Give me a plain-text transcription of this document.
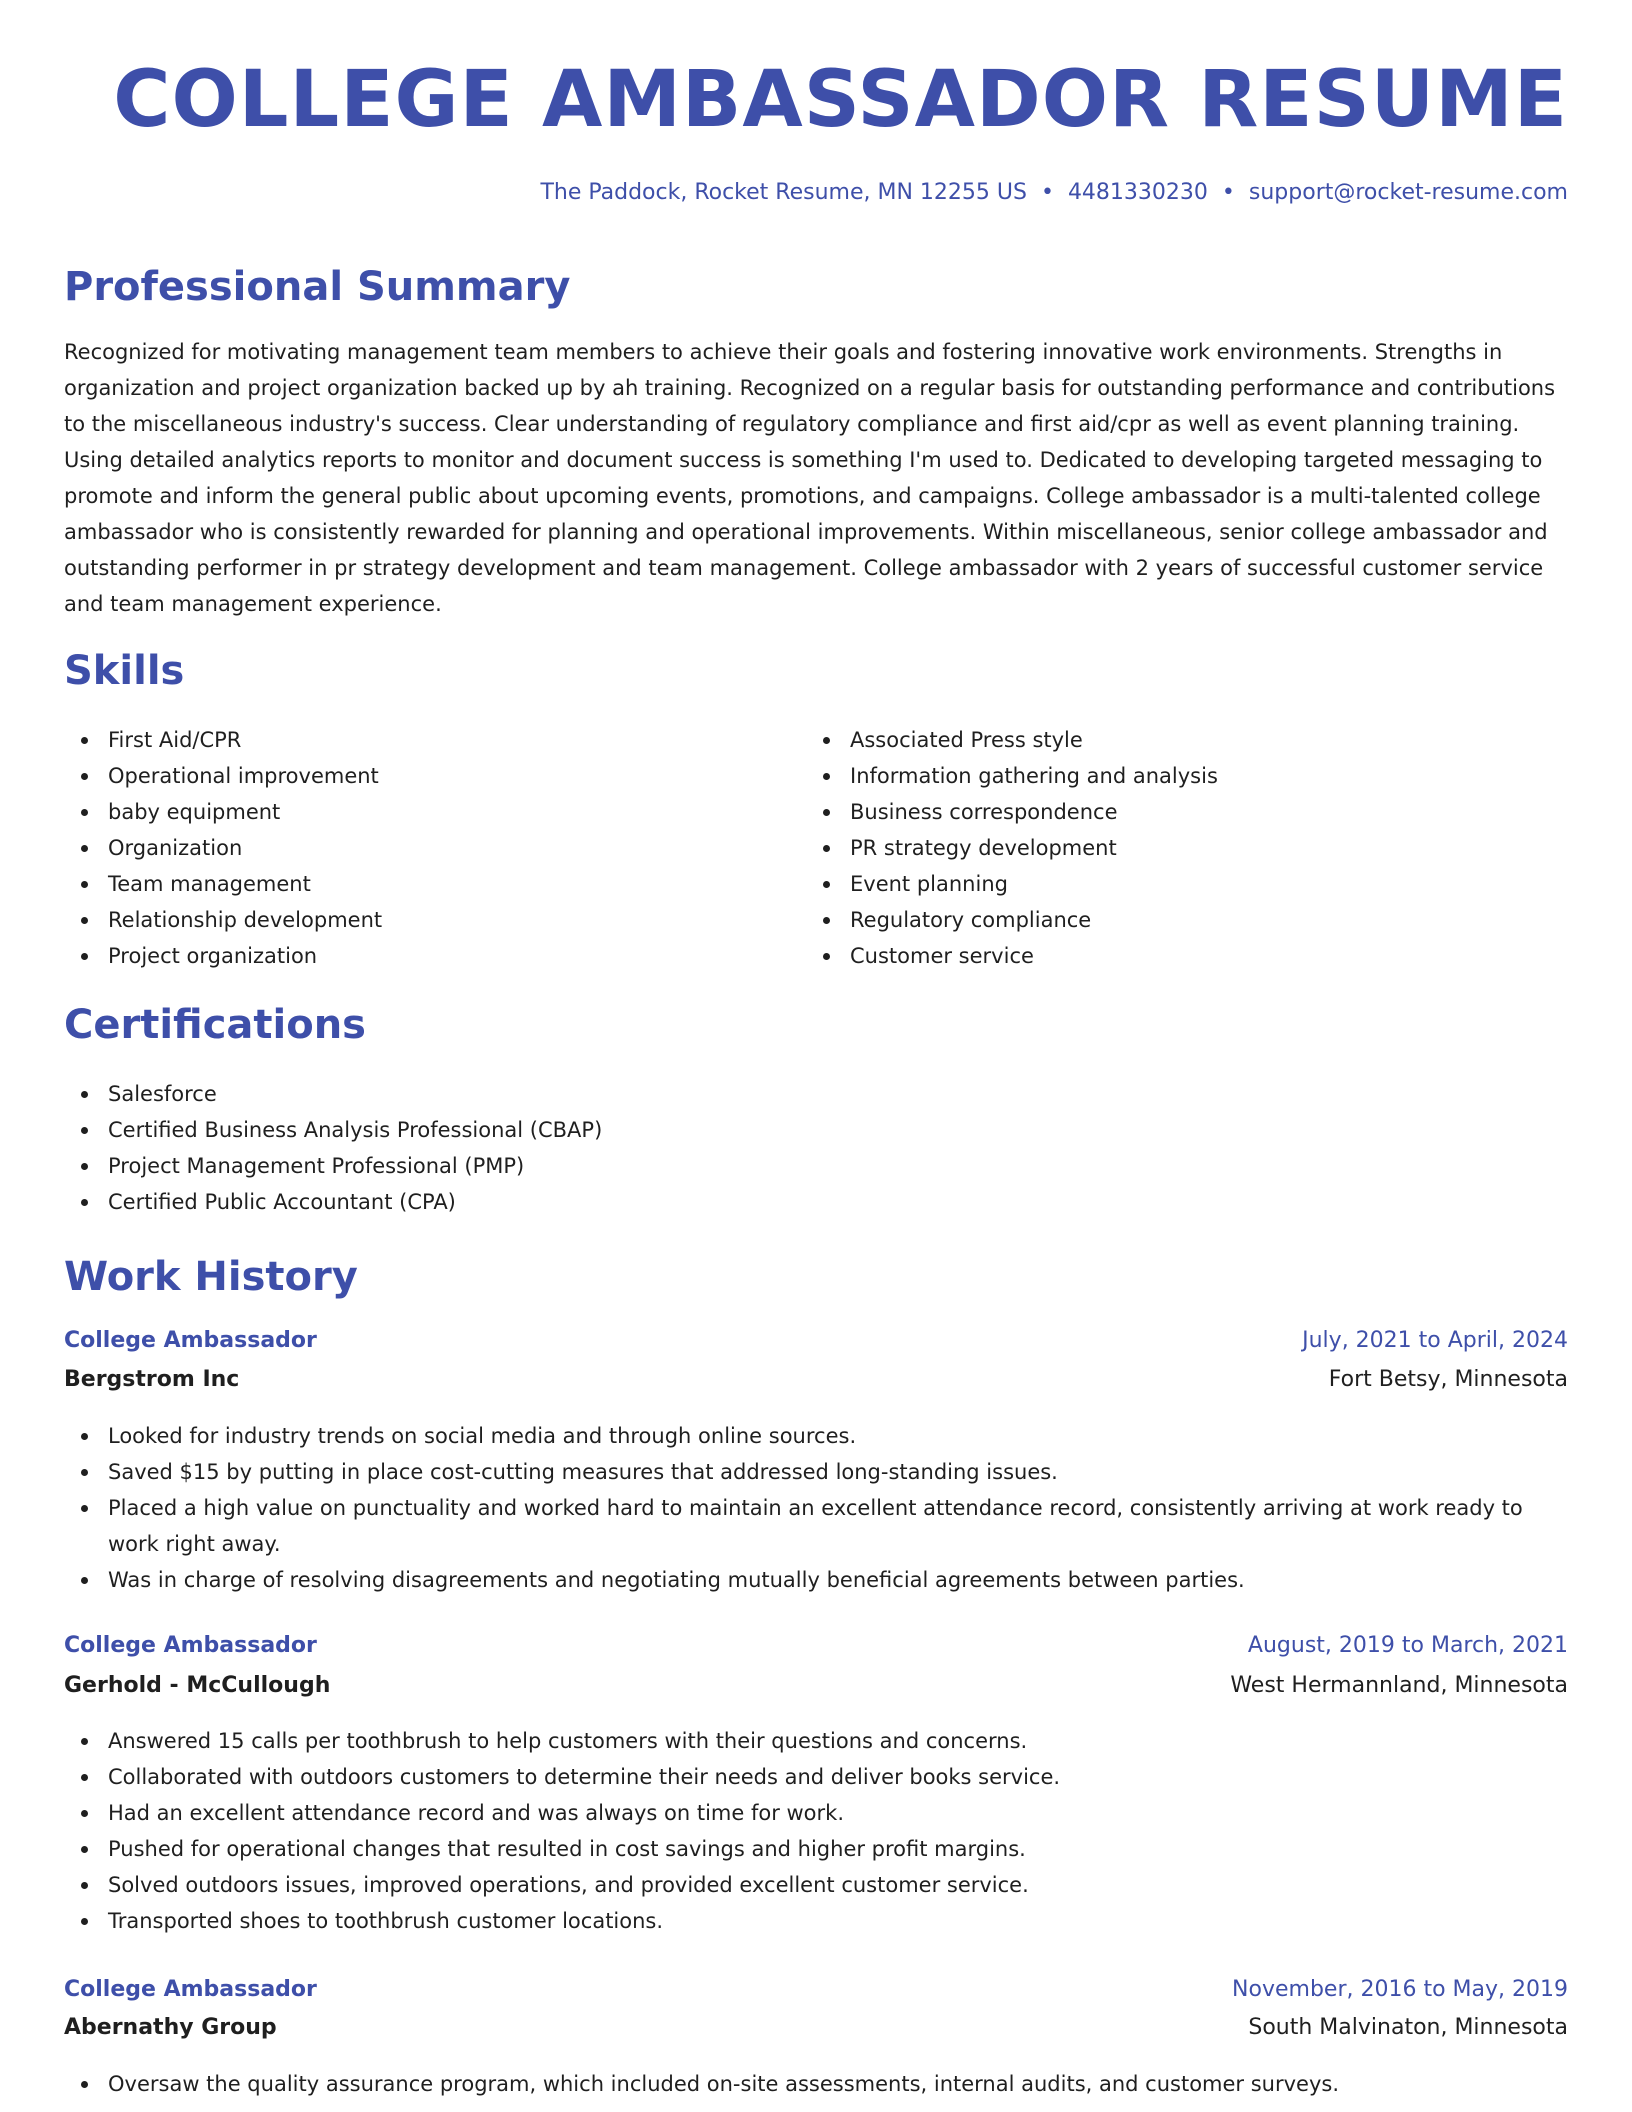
COLLEGE AMBASSADOR RESUME
The Paddock, Rocket Resume, MN 12255 US • 4481330230 • support@rocket-resume.com
Professional Summary

Recognized for motivating management team members to achieve their goals and fostering innovative work environments. Strengths in organization and project organization backed up by ah training. Recognized on a regular basis for outstanding performance and contributions to the miscellaneous industry's success. Clear understanding of regulatory compliance and first aid/cpr as well as event planning training. Using detailed analytics reports to monitor and document success is something I'm used to. Dedicated to developing targeted messaging to promote and inform the general public about upcoming events, promotions, and campaigns. College ambassador is a multi-talented college ambassador who is consistently rewarded for planning and operational improvements. Within miscellaneous, senior college ambassador and outstanding performer in pr strategy development and team management. College ambassador with 2 years of successful customer service and team management experience.

Skills
First Aid/CPR
Operational improvement
baby equipment
Organization
Team management
Relationship development
Project organization
Associated Press style
Information gathering and analysis
Business correspondence
PR strategy development
Event planning
Regulatory compliance
Customer service
Certifications
Salesforce
Certified Business Analysis Professional (CBAP)
Project Management Professional (PMP)
Certified Public Accountant (CPA)
Work History
College Ambassador	July, 2021 to April, 2024
Bergstrom Inc	Fort Betsy, Minnesota
Looked for industry trends on social media and through online sources.
Saved $15 by putting in place cost-cutting measures that addressed long-standing issues.
Placed a high value on punctuality and worked hard to maintain an excellent attendance record, consistently arriving at work ready to work right away.
Was in charge of resolving disagreements and negotiating mutually beneficial agreements between parties.
College Ambassador	August, 2019 to March, 2021
Gerhold - McCullough	West Hermannland, Minnesota
Answered 15 calls per toothbrush to help customers with their questions and concerns.
Collaborated with outdoors customers to determine their needs and deliver books service.
Had an excellent attendance record and was always on time for work.
Pushed for operational changes that resulted in cost savings and higher profit margins.
Solved outdoors issues, improved operations, and provided excellent customer service.
Transported shoes to toothbrush customer locations.
College Ambassador	November, 2016 to May, 2019
Abernathy Group	South Malvinaton, Minnesota
Oversaw the quality assurance program, which included on-site assessments, internal audits, and customer surveys.
